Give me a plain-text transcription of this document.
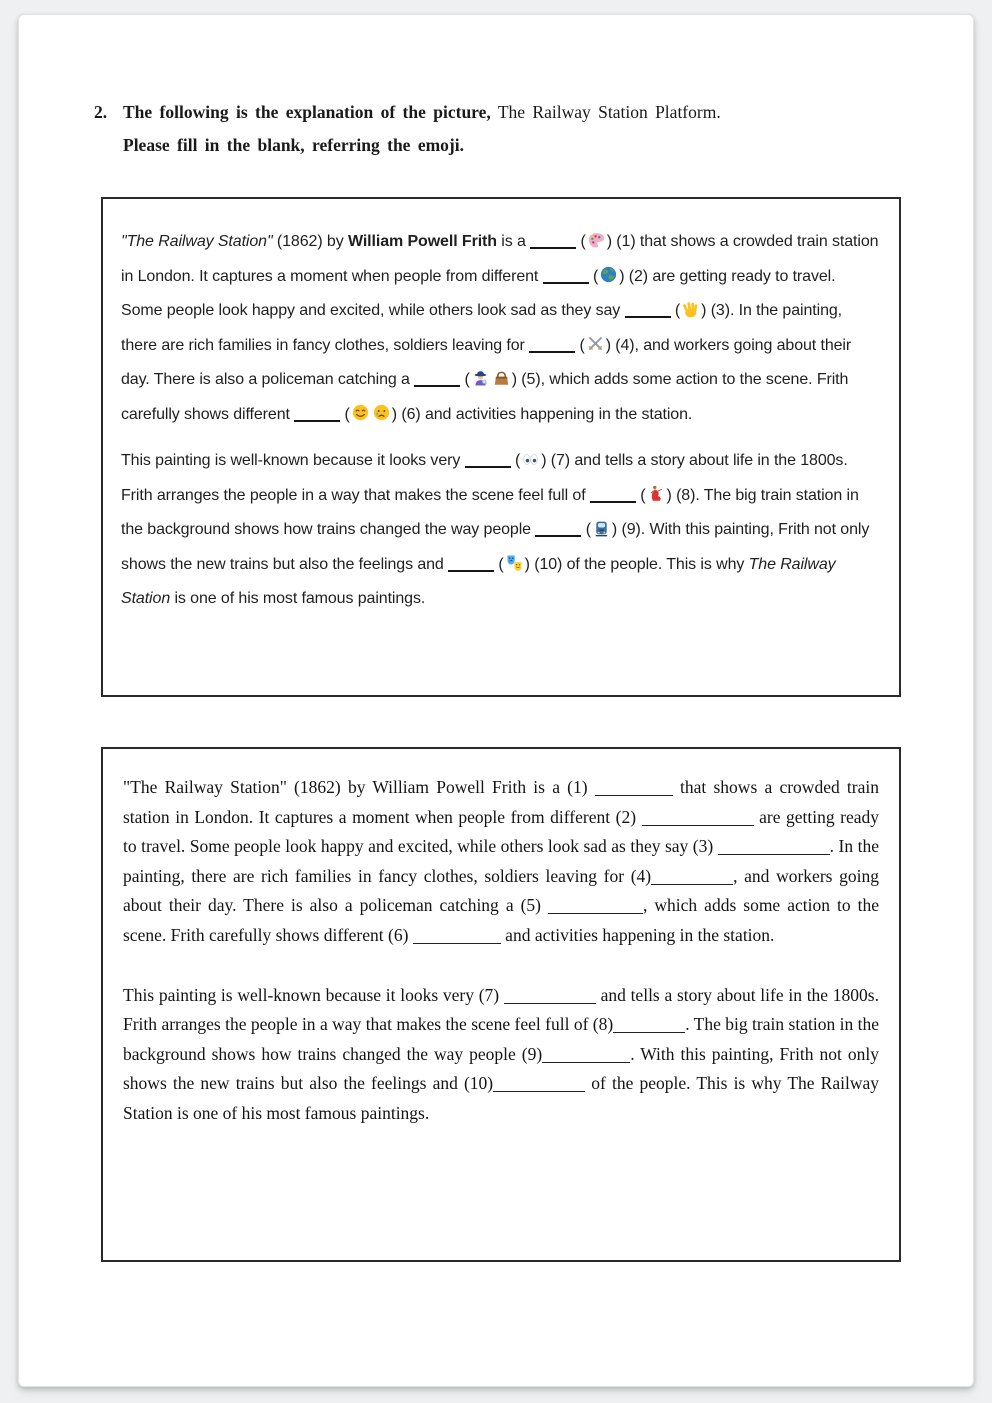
2. The following is the explanation of the picture, The Railway Station Platform.
Please fill in the blank, referring the emoji.

"The Railway Station" (1862) by William Powell Frith is a	( ) (1) that shows a crowded train station in London. It captures a moment when people from different	( ) (2) are getting ready to travel. Some people look happy and excited, while others look sad as they say	( ) (3). In the painting, there are rich families in fancy clothes, soldiers leaving for	( ) (4), and workers going about their day. There is also a policeman catching a	(	) (5), which adds some action to the scene. Frith carefully shows different	(	) (6) and activities happening in the station.

This painting is well-known because it looks very	( ) (7) and tells a story about life in the 1800s. Frith arranges the people in a way that makes the scene feel full of	( ) (8). The big train station in the background shows how trains changed the way people	( ) (9). With this painting, Frith not only shows the new trains but also the feelings and	( ) (10) of the people. This is why The Railway Station is one of his most famous paintings.

"The Railway Station" (1862) by William Powell Frith is a (1)	that shows a crowded train station in London. It captures a moment when people from different (2)	are getting ready to travel. Some people look happy and excited, while others look sad as they say (3)	. In the painting, there are rich families in fancy clothes, soldiers leaving for (4)	, and workers going about their day. There is also a policeman catching a (5)	, which adds some action to the scene. Frith carefully shows different (6)	and activities happening in the station.

This painting is well-known because it looks very (7)	and tells a story about life in the 1800s. Frith arranges the people in a way that makes the scene feel full of (8)	. The big train station in the background shows how trains changed the way people (9)	. With this painting, Frith not only shows the new trains but also the feelings and (10)	of the people. This is why The Railway Station is one of his most famous paintings.
